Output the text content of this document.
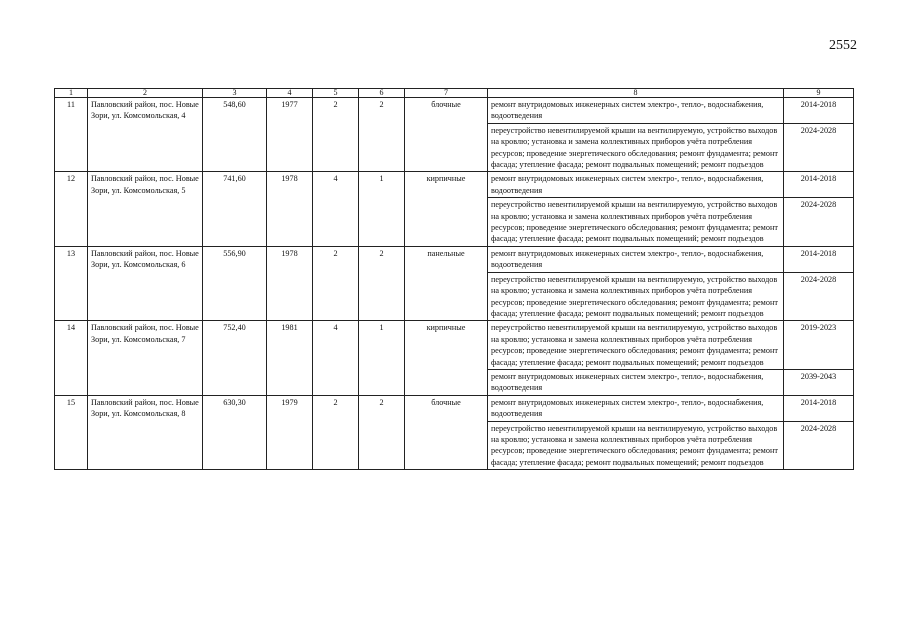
2552
1	2	3	4	5	6	7	8	9
11	Павловский район, пос. Новые Зори, ул. Комсомольская, 4	548,60	1977	2	2	блочные	ремонт внутридомовых инженерных систем электро-, тепло-, водоснабжения, водоотведения	2014-2018
							переустройство невентилируемой крыши на вентилируемую, устройство выходов на кровлю; установка и замена коллективных приборов учёта потребления ресурсов; проведение энергетического обследования; ремонт фундамента; ремонт фасада; утепление фасада; ремонт подвальных помещений; ремонт подъездов	2024-2028
12	Павловский район, пос. Новые Зори, ул. Комсомольская, 5	741,60	1978	4	1	кирпичные	ремонт внутридомовых инженерных систем электро-, тепло-, водоснабжения, водоотведения	2014-2018
							переустройство невентилируемой крыши на вентилируемую, устройство выходов на кровлю; установка и замена коллективных приборов учёта потребления ресурсов; проведение энергетического обследования; ремонт фундамента; ремонт фасада; утепление фасада; ремонт подвальных помещений; ремонт подъездов	2024-2028
13	Павловский район, пос. Новые Зори, ул. Комсомольская, 6	556,90	1978	2	2	панельные	ремонт внутридомовых инженерных систем электро-, тепло-, водоснабжения, водоотведения	2014-2018
							переустройство невентилируемой крыши на вентилируемую, устройство выходов на кровлю; установка и замена коллективных приборов учёта потребления ресурсов; проведение энергетического обследования; ремонт фундамента; ремонт фасада; утепление фасада; ремонт подвальных помещений; ремонт подъездов	2024-2028
14	Павловский район, пос. Новые Зори, ул. Комсомольская, 7	752,40	1981	4	1	кирпичные	переустройство невентилируемой крыши на вентилируемую, устройство выходов на кровлю; установка и замена коллективных приборов учёта потребления ресурсов; проведение энергетического обследования; ремонт фундамента; ремонт фасада; утепление фасада; ремонт подвальных помещений; ремонт подъездов	2019-2023
							ремонт внутридомовых инженерных систем электро-, тепло-, водоснабжения, водоотведения	2039-2043
15	Павловский район, пос. Новые Зори, ул. Комсомольская, 8	630,30	1979	2	2	блочные	ремонт внутридомовых инженерных систем электро-, тепло-, водоснабжения, водоотведения	2014-2018
							переустройство невентилируемой крыши на вентилируемую, устройство выходов на кровлю; установка и замена коллективных приборов учёта потребления ресурсов; проведение энергетического обследования; ремонт фундамента; ремонт фасада; утепление фасада; ремонт подвальных помещений; ремонт подъездов	2024-2028
